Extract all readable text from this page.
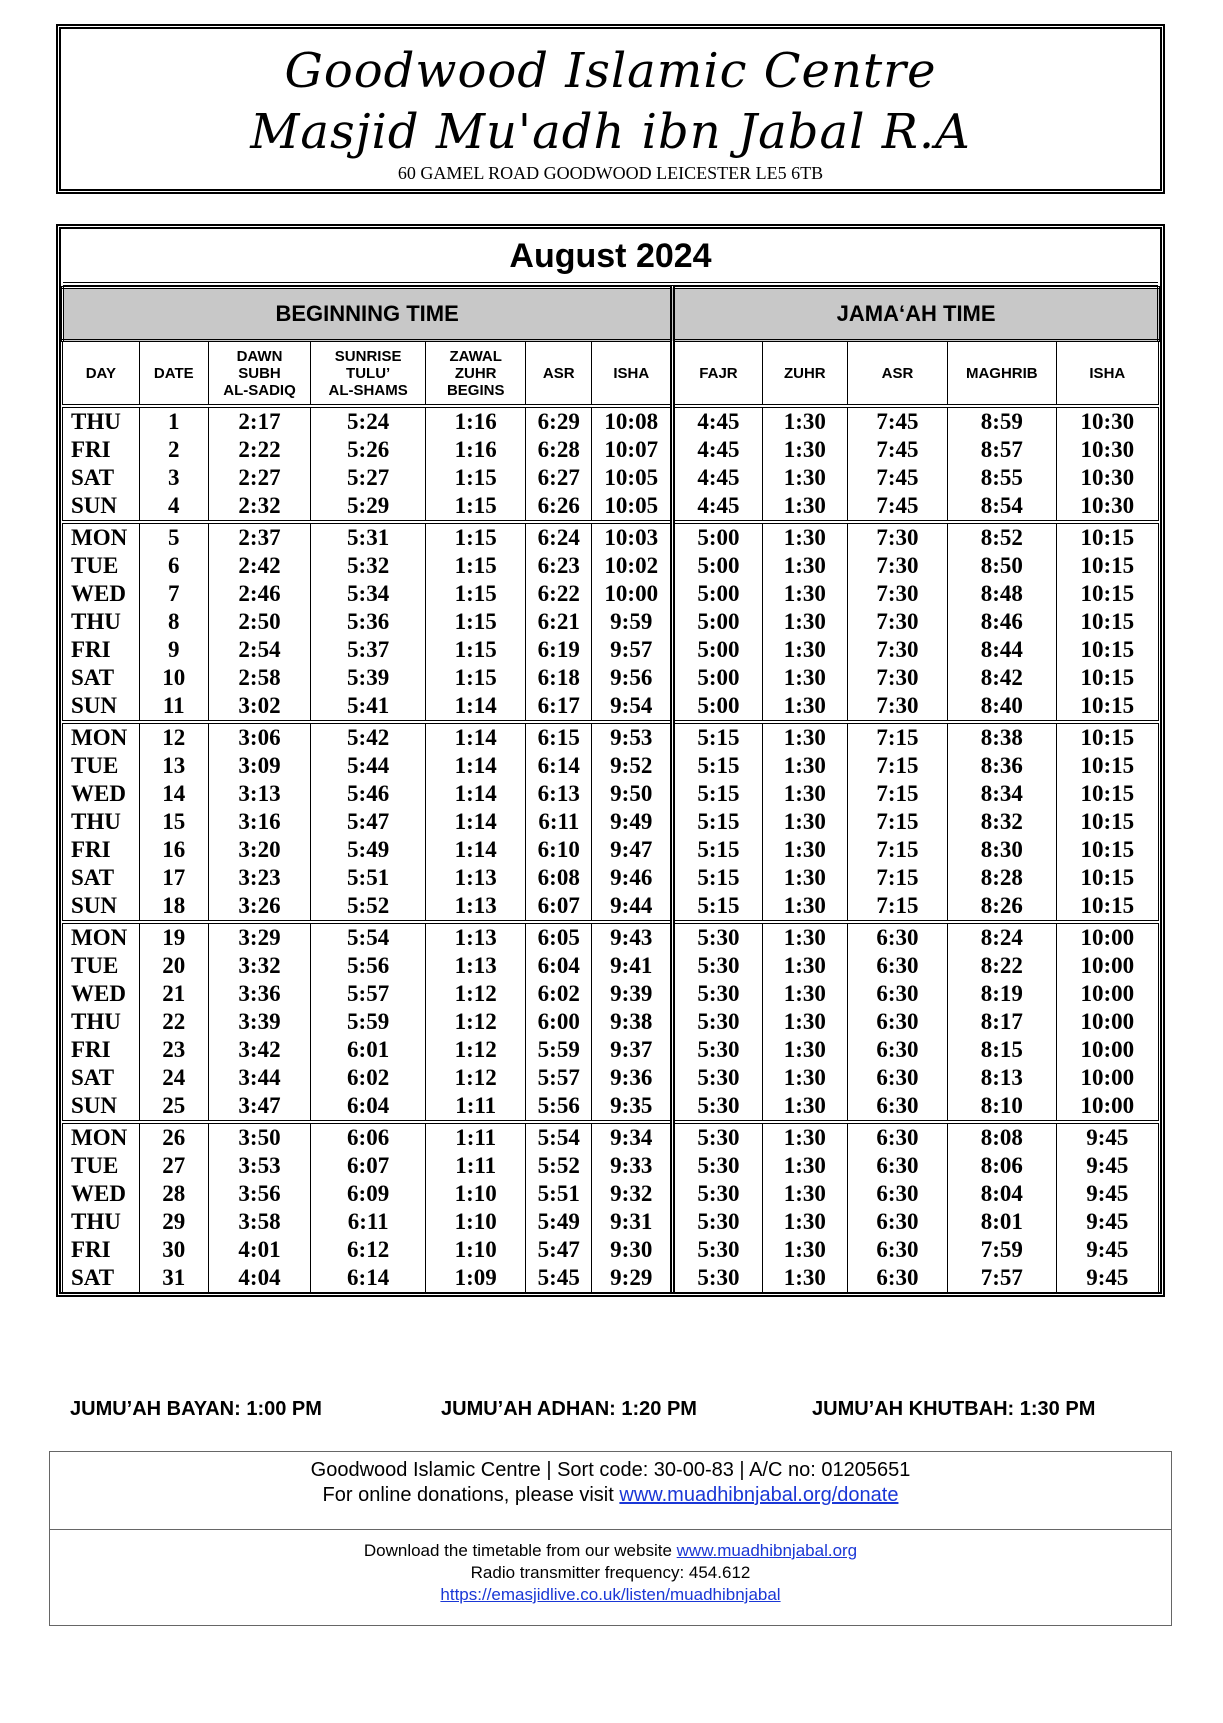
Goodwood Islamic Centre
Masjid Mu'adh ibn Jabal R.A
60 GAMEL ROAD GOODWOOD LEICESTER LE5 6TB
August 2024
BEGINNING TIME							JAMA‘AH TIME				
DAY	DATE	DAWN
SUBH
AL-SADIQ	SUNRISE
TULU’
AL-SHAMS	ZAWAL
ZUHR
BEGINS	ASR	ISHA	FAJR	ZUHR	ASR	MAGHRIB	ISHA
THU	1	2:17	5:24	1:16	6:29	10:08	4:45	1:30	7:45	8:59	10:30
FRI	2	2:22	5:26	1:16	6:28	10:07	4:45	1:30	7:45	8:57	10:30
SAT	3	2:27	5:27	1:15	6:27	10:05	4:45	1:30	7:45	8:55	10:30
SUN	4	2:32	5:29	1:15	6:26	10:05	4:45	1:30	7:45	8:54	10:30
MON	5	2:37	5:31	1:15	6:24	10:03	5:00	1:30	7:30	8:52	10:15
TUE	6	2:42	5:32	1:15	6:23	10:02	5:00	1:30	7:30	8:50	10:15
WED	7	2:46	5:34	1:15	6:22	10:00	5:00	1:30	7:30	8:48	10:15
THU	8	2:50	5:36	1:15	6:21	9:59	5:00	1:30	7:30	8:46	10:15
FRI	9	2:54	5:37	1:15	6:19	9:57	5:00	1:30	7:30	8:44	10:15
SAT	10	2:58	5:39	1:15	6:18	9:56	5:00	1:30	7:30	8:42	10:15
SUN	11	3:02	5:41	1:14	6:17	9:54	5:00	1:30	7:30	8:40	10:15
MON	12	3:06	5:42	1:14	6:15	9:53	5:15	1:30	7:15	8:38	10:15
TUE	13	3:09	5:44	1:14	6:14	9:52	5:15	1:30	7:15	8:36	10:15
WED	14	3:13	5:46	1:14	6:13	9:50	5:15	1:30	7:15	8:34	10:15
THU	15	3:16	5:47	1:14	6:11	9:49	5:15	1:30	7:15	8:32	10:15
FRI	16	3:20	5:49	1:14	6:10	9:47	5:15	1:30	7:15	8:30	10:15
SAT	17	3:23	5:51	1:13	6:08	9:46	5:15	1:30	7:15	8:28	10:15
SUN	18	3:26	5:52	1:13	6:07	9:44	5:15	1:30	7:15	8:26	10:15
MON	19	3:29	5:54	1:13	6:05	9:43	5:30	1:30	6:30	8:24	10:00
TUE	20	3:32	5:56	1:13	6:04	9:41	5:30	1:30	6:30	8:22	10:00
WED	21	3:36	5:57	1:12	6:02	9:39	5:30	1:30	6:30	8:19	10:00
THU	22	3:39	5:59	1:12	6:00	9:38	5:30	1:30	6:30	8:17	10:00
FRI	23	3:42	6:01	1:12	5:59	9:37	5:30	1:30	6:30	8:15	10:00
SAT	24	3:44	6:02	1:12	5:57	9:36	5:30	1:30	6:30	8:13	10:00
SUN	25	3:47	6:04	1:11	5:56	9:35	5:30	1:30	6:30	8:10	10:00
MON	26	3:50	6:06	1:11	5:54	9:34	5:30	1:30	6:30	8:08	9:45
TUE	27	3:53	6:07	1:11	5:52	9:33	5:30	1:30	6:30	8:06	9:45
WED	28	3:56	6:09	1:10	5:51	9:32	5:30	1:30	6:30	8:04	9:45
THU	29	3:58	6:11	1:10	5:49	9:31	5:30	1:30	6:30	8:01	9:45
FRI	30	4:01	6:12	1:10	5:47	9:30	5:30	1:30	6:30	7:59	9:45
SAT	31	4:04	6:14	1:09	5:45	9:29	5:30	1:30	6:30	7:57	9:45
JUMU’AH BAYAN: 1:00 PM	JUMU’AH ADHAN: 1:20 PM	JUMU’AH KHUTBAH: 1:30 PM
Goodwood Islamic Centre | Sort code: 30-00-83 | A/C no: 01205651
For online donations, please visit www.muadhibnjabal.org/donate
Download the timetable from our website www.muadhibnjabal.org
Radio transmitter frequency: 454.612
https://emasjidlive.co.uk/listen/muadhibnjabal
